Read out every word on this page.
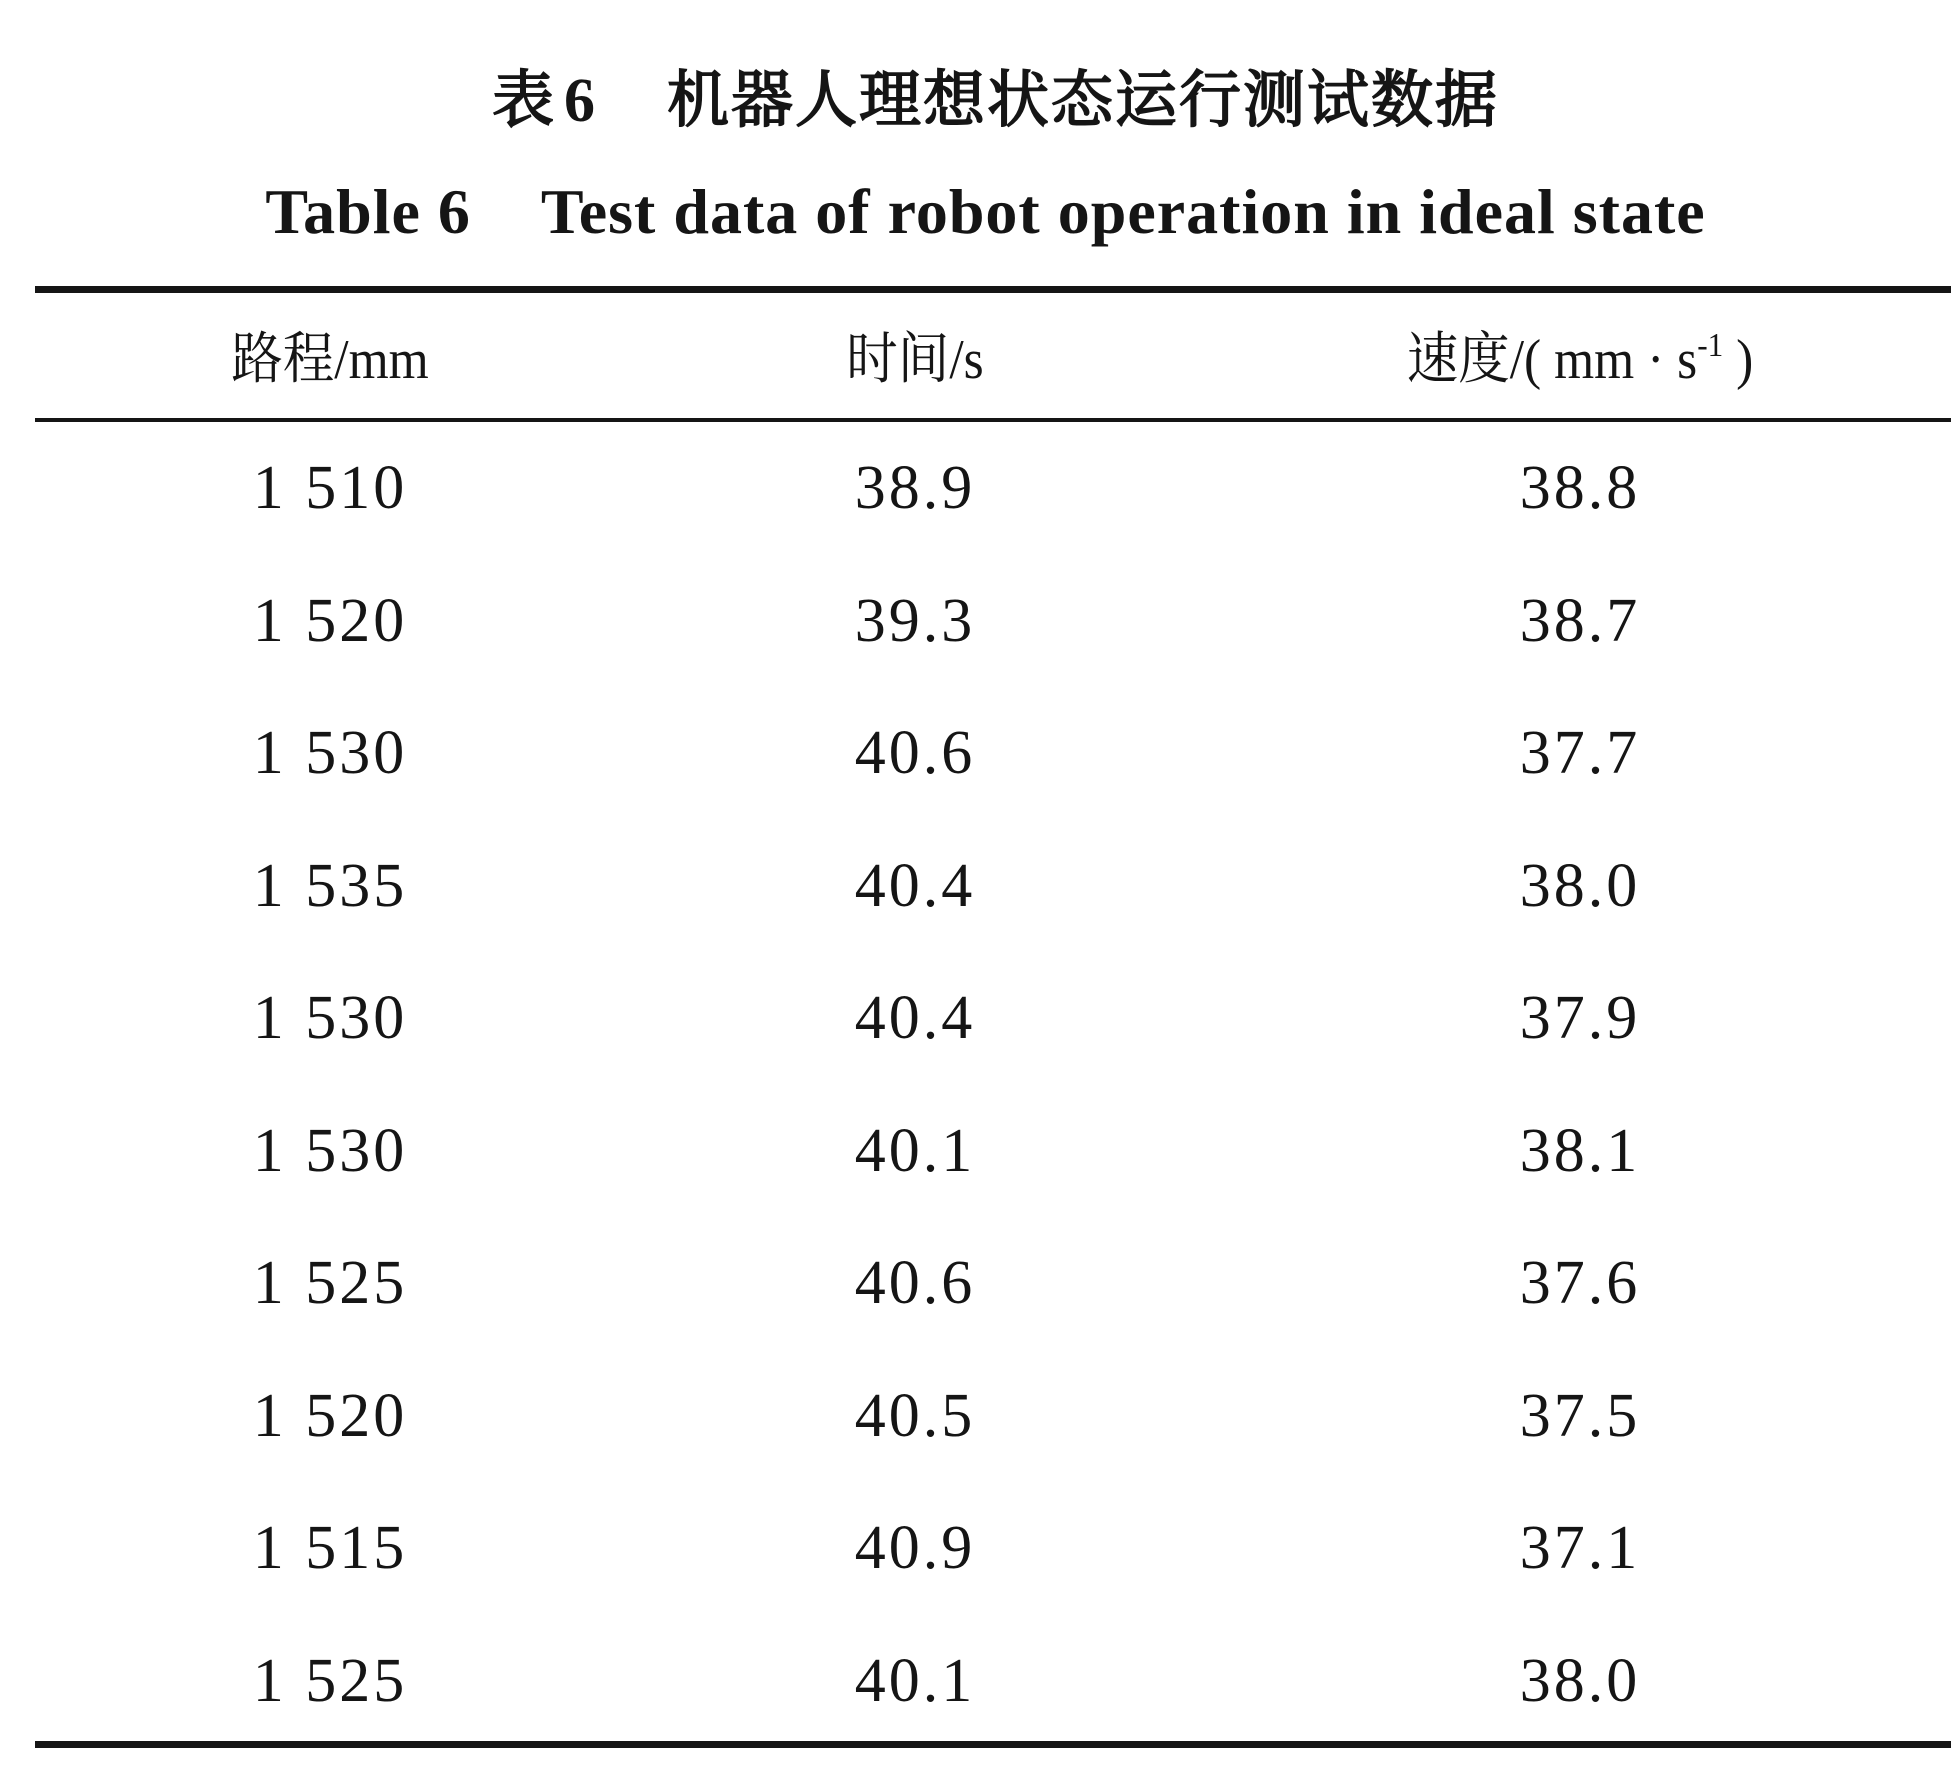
表 6 机器人理想状态运行测试数据
Table 6 Test data of robot operation in ideal state
路程/mm	时间/s	速度/( mm · $s^{-1}$ )
1 510	38.9	38.8
1 520	39.3	38.7
1 530	40.6	37.7
1 535	40.4	38.0
1 530	40.4	37.9
1 530	40.1	38.1
1 525	40.6	37.6
1 520	40.5	37.5
1 515	40.9	37.1
1 525	40.1	38.0
